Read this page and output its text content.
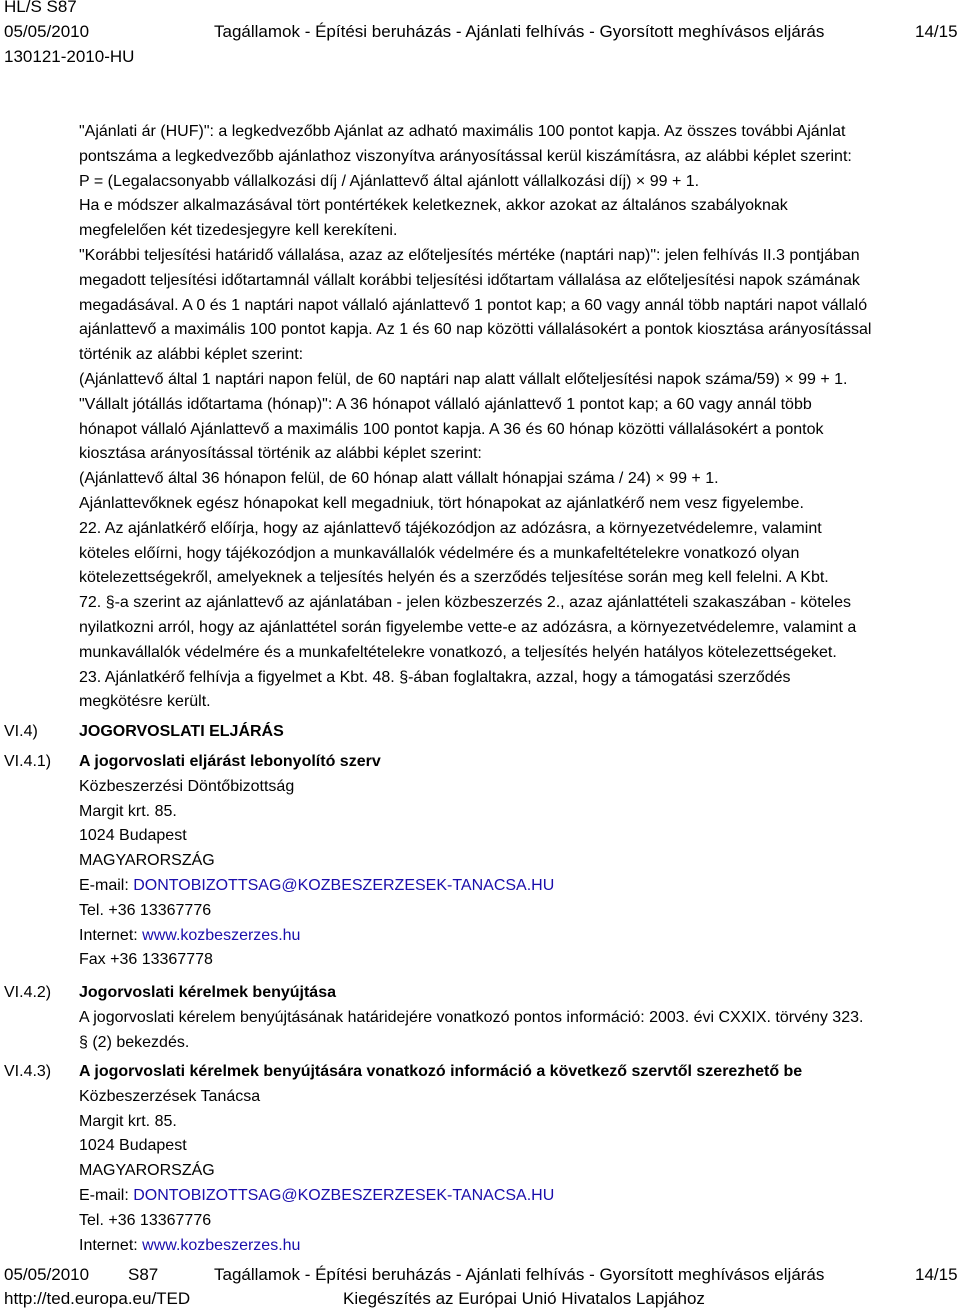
HL/S S87
05/05/2010	Tagállamok - Építési beruházás - Ajánlati felhívás - Gyorsított meghívásos eljárás	14/15
130121-2010-HU
"Ajánlati ár (HUF)": a legkedvezőbb Ajánlat az adható maximális 100 pontot kapja. Az összes további Ajánlat
pontszáma a legkedvezőbb ajánlathoz viszonyítva arányosítással kerül kiszámításra, az alábbi képlet szerint:
P = (Legalacsonyabb vállalkozási díj / Ajánlattevő által ajánlott vállalkozási díj) × 99 + 1.
Ha e módszer alkalmazásával tört pontértékek keletkeznek, akkor azokat az általános szabályoknak
megfelelően két tizedesjegyre kell kerekíteni.
"Korábbi teljesítési határidő vállalása, azaz az előteljesítés mértéke (naptári nap)": jelen felhívás II.3 pontjában
megadott teljesítési időtartamnál vállalt korábbi teljesítési időtartam vállalása az előteljesítési napok számának
megadásával. A 0 és 1 naptári napot vállaló ajánlattevő 1 pontot kap; a 60 vagy annál több naptári napot vállaló
ajánlattevő a maximális 100 pontot kapja. Az 1 és 60 nap közötti vállalásokért a pontok kiosztása arányosítással
történik az alábbi képlet szerint:
(Ajánlattevő által 1 naptári napon felül, de 60 naptári nap alatt vállalt előteljesítési napok száma/59) × 99 + 1.
"Vállalt jótállás időtartama (hónap)": A 36 hónapot vállaló ajánlattevő 1 pontot kap; a 60 vagy annál több
hónapot vállaló Ajánlattevő a maximális 100 pontot kapja. A 36 és 60 hónap közötti vállalásokért a pontok
kiosztása arányosítással történik az alábbi képlet szerint:
(Ajánlattevő által 36 hónapon felül, de 60 hónap alatt vállalt hónapjai száma / 24) × 99 + 1.
Ajánlattevőknek egész hónapokat kell megadniuk, tört hónapokat az ajánlatkérő nem vesz figyelembe.
22. Az ajánlatkérő előírja, hogy az ajánlattevő tájékozódjon az adózásra, a környezetvédelemre, valamint
köteles előírni, hogy tájékozódjon a munkavállalók védelmére és a munkafeltételekre vonatkozó olyan
kötelezettségekről, amelyeknek a teljesítés helyén és a szerződés teljesítése során meg kell felelni. A Kbt.
72. §-a szerint az ajánlattevő az ajánlatában - jelen közbeszerzés 2., azaz ajánlattételi szakaszában - köteles
nyilatkozni arról, hogy az ajánlattétel során figyelembe vette-e az adózásra, a környezetvédelemre, valamint a
munkavállalók védelmére és a munkafeltételekre vonatkozó, a teljesítés helyén hatályos kötelezettségeket.
23. Ajánlatkérő felhívja a figyelmet a Kbt. 48. §-ában foglaltakra, azzal, hogy a támogatási szerződés
megkötésre került.
VI.4)	JOGORVOSLATI ELJÁRÁS
VI.4.1) A jogorvoslati eljárást lebonyolító szerv
Közbeszerzési Döntőbizottság
Margit krt. 85.
1024 Budapest
MAGYARORSZÁG
E-mail: DONTOBIZOTTSAG@KOZBESZERZESEK-TANACSA.HU
Tel. +36 13367776
Internet: www.kozbeszerzes.hu
Fax +36 13367778
VI.4.2) Jogorvoslati kérelmek benyújtása
A jogorvoslati kérelem benyújtásának határidejére vonatkozó pontos információ: 2003. évi CXXIX. törvény 323.
§ (2) bekezdés.
VI.4.3) A jogorvoslati kérelmek benyújtására vonatkozó információ a következő szervtől szerezhető be
Közbeszerzések Tanácsa
Margit krt. 85.
1024 Budapest
MAGYARORSZÁG
E-mail: DONTOBIZOTTSAG@KOZBESZERZESEK-TANACSA.HU
Tel. +36 13367776
Internet: www.kozbeszerzes.hu
05/05/2010 S87	Tagállamok - Építési beruházás - Ajánlati felhívás - Gyorsított meghívásos eljárás	14/15
http://ted.europa.eu/TED	Kiegészítés az Európai Unió Hivatalos Lapjához
